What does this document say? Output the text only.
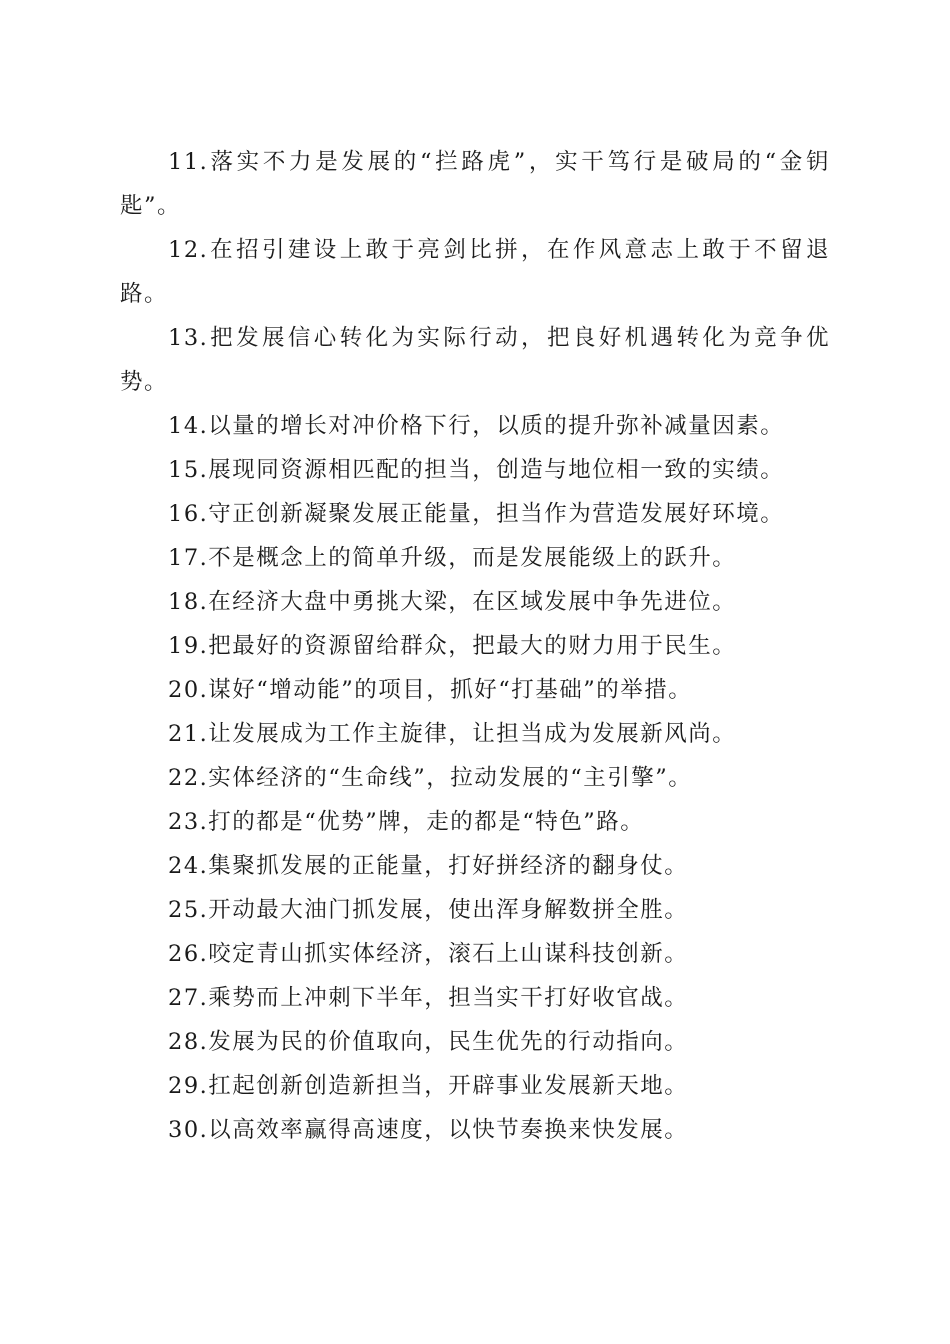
11.落实不力是发展的“拦路虎”，实干笃行是破局的“金钥匙”。

12.在招引建设上敢于亮剑比拼，在作风意志上敢于不留退路。

13.把发展信心转化为实际行动，把良好机遇转化为竞争优势。

14.以量的增长对冲价格下行，以质的提升弥补减量因素。

15.展现同资源相匹配的担当，创造与地位相一致的实绩。

16.守正创新凝聚发展正能量，担当作为营造发展好环境。

17.不是概念上的简单升级，而是发展能级上的跃升。

18.在经济大盘中勇挑大梁，在区域发展中争先进位。

19.把最好的资源留给群众，把最大的财力用于民生。

20.谋好“增动能”的项目，抓好“打基础”的举措。

21.让发展成为工作主旋律，让担当成为发展新风尚。

22.实体经济的“生命线”，拉动发展的“主引擎”。

23.打的都是“优势”牌，走的都是“特色”路。

24.集聚抓发展的正能量，打好拼经济的翻身仗。

25.开动最大油门抓发展，使出浑身解数拼全胜。

26.咬定青山抓实体经济，滚石上山谋科技创新。

27.乘势而上冲刺下半年，担当实干打好收官战。

28.发展为民的价值取向，民生优先的行动指向。

29.扛起创新创造新担当，开辟事业发展新天地。

30.以高效率赢得高速度，以快节奏换来快发展。
